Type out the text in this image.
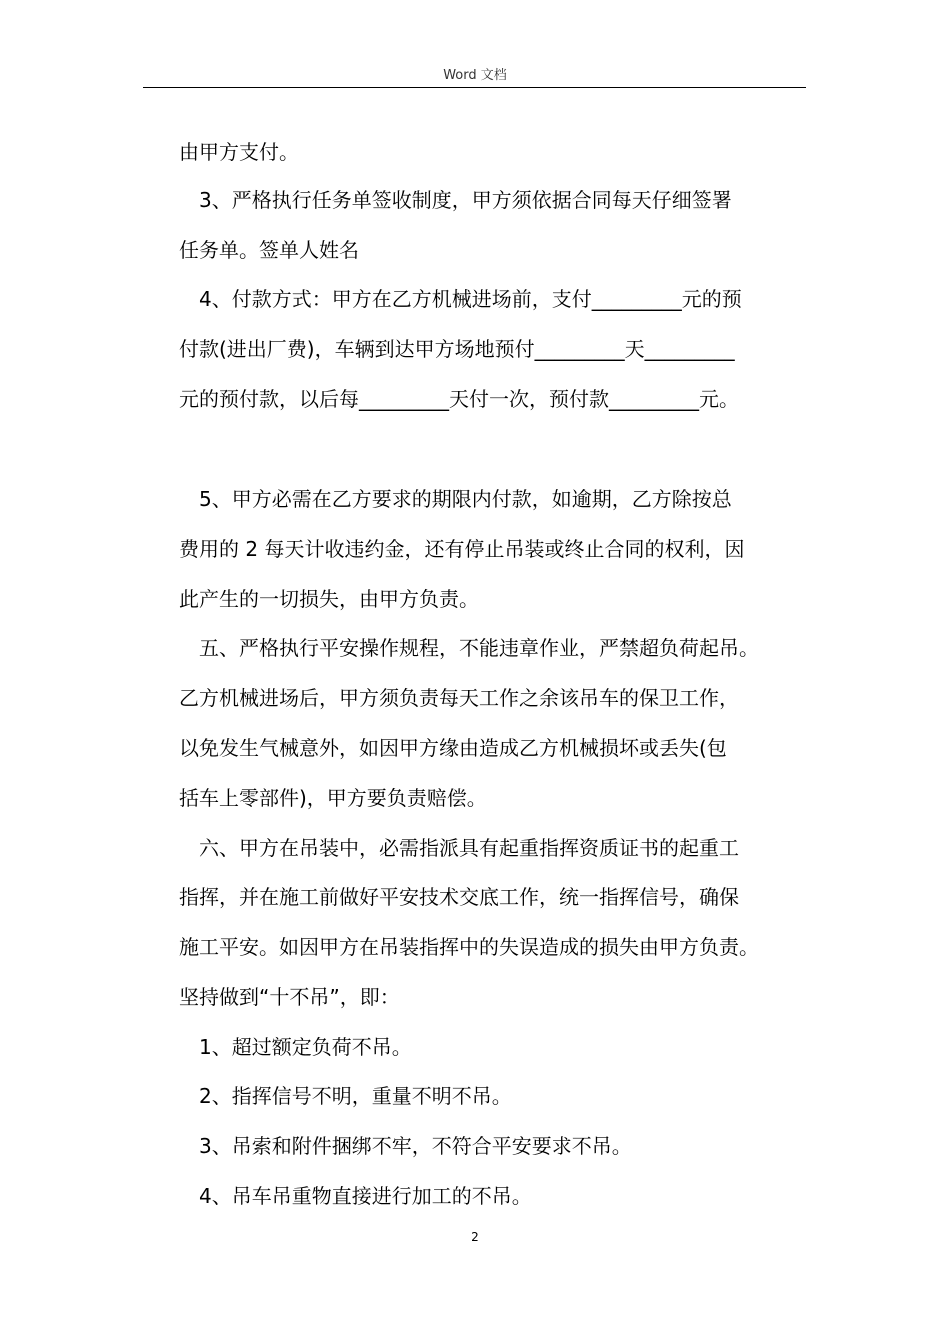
Word 文档
由甲方支付。
3、严格执行任务单签收制度，甲方须依据合同每天仔细签署
任务单。签单人姓名
4、付款方式：甲方在乙方机械进场前，支付_________元的预
付款(进出厂费)，车辆到达甲方场地预付_________天_________
元的预付款，以后每_________天付一次，预付款_________元。
5、甲方必需在乙方要求的期限内付款，如逾期，乙方除按总
费用的 2 每天计收违约金，还有停止吊装或终止合同的权利，因
此产生的一切损失，由甲方负责。
五、严格执行平安操作规程，不能违章作业，严禁超负荷起吊。
乙方机械进场后，甲方须负责每天工作之余该吊车的保卫工作，
以免发生气械意外，如因甲方缘由造成乙方机械损坏或丢失(包
括车上零部件)，甲方要负责赔偿。
六、甲方在吊装中，必需指派具有起重指挥资质证书的起重工
指挥，并在施工前做好平安技术交底工作，统一指挥信号，确保
施工平安。如因甲方在吊装指挥中的失误造成的损失由甲方负责。
坚持做到“十不吊”，即：
1、超过额定负荷不吊。
2、指挥信号不明，重量不明不吊。
3、吊索和附件捆绑不牢，不符合平安要求不吊。
4、吊车吊重物直接进行加工的不吊。
2
